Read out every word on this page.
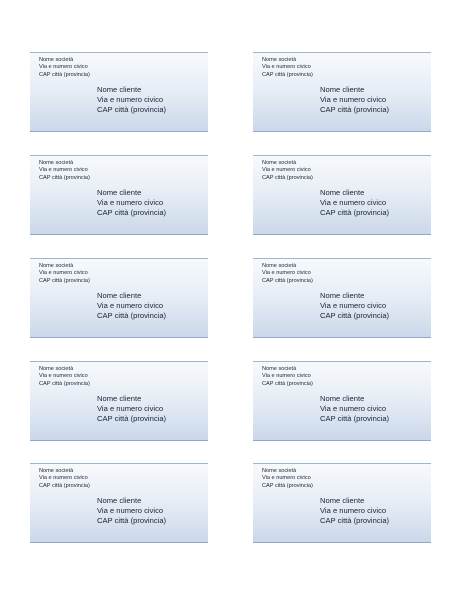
Nome società
Via e numero civico
CAP città (provincia)
Nome cliente
Via e numero civico
CAP città (provincia)
Nome società
Via e numero civico
CAP città (provincia)
Nome cliente
Via e numero civico
CAP città (provincia)
Nome società
Via e numero civico
CAP città (provincia)
Nome cliente
Via e numero civico
CAP città (provincia)
Nome società
Via e numero civico
CAP città (provincia)
Nome cliente
Via e numero civico
CAP città (provincia)
Nome società
Via e numero civico
CAP città (provincia)
Nome cliente
Via e numero civico
CAP città (provincia)
Nome società
Via e numero civico
CAP città (provincia)
Nome cliente
Via e numero civico
CAP città (provincia)
Nome società
Via e numero civico
CAP città (provincia)
Nome cliente
Via e numero civico
CAP città (provincia)
Nome società
Via e numero civico
CAP città (provincia)
Nome cliente
Via e numero civico
CAP città (provincia)
Nome società
Via e numero civico
CAP città (provincia)
Nome cliente
Via e numero civico
CAP città (provincia)
Nome società
Via e numero civico
CAP città (provincia)
Nome cliente
Via e numero civico
CAP città (provincia)
